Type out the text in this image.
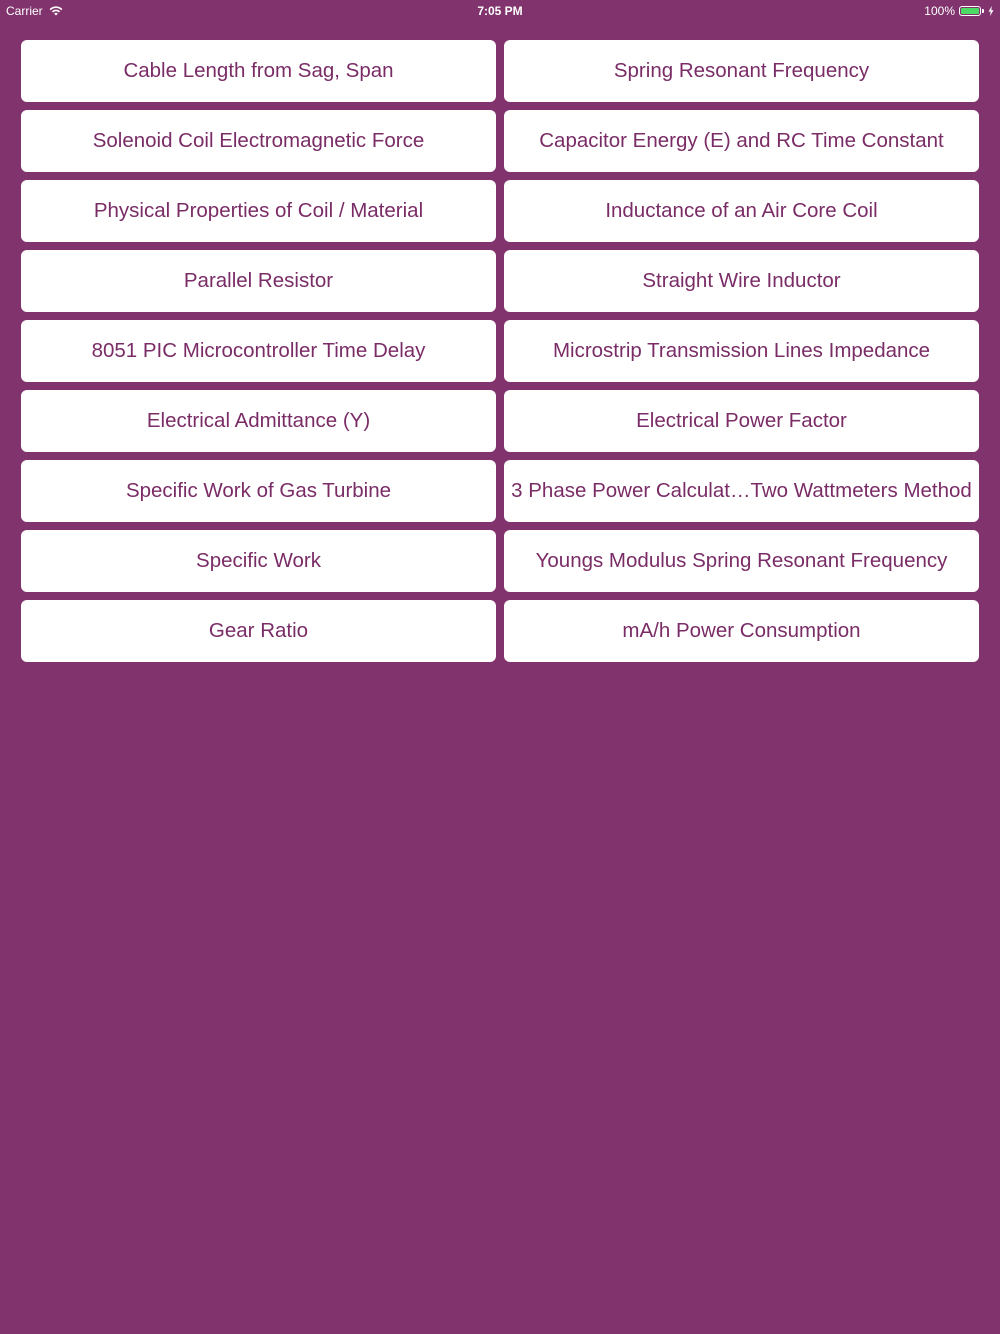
Carrier	7:05 PM	100%
Cable Length from Sag, Span	Spring Resonant Frequency
Solenoid Coil Electromagnetic Force	Capacitor Energy (E) and RC Time Constant
Physical Properties of Coil / Material	Inductance of an Air Core Coil
Parallel Resistor	Straight Wire Inductor
8051 PIC Microcontroller Time Delay	Microstrip Transmission Lines Impedance
Electrical Admittance (Y)	Electrical Power Factor
Specific Work of Gas Turbine	3 Phase Power Calculat…Two Wattmeters Method
Specific Work	Youngs Modulus Spring Resonant Frequency
Gear Ratio	mA/h Power Consumption
